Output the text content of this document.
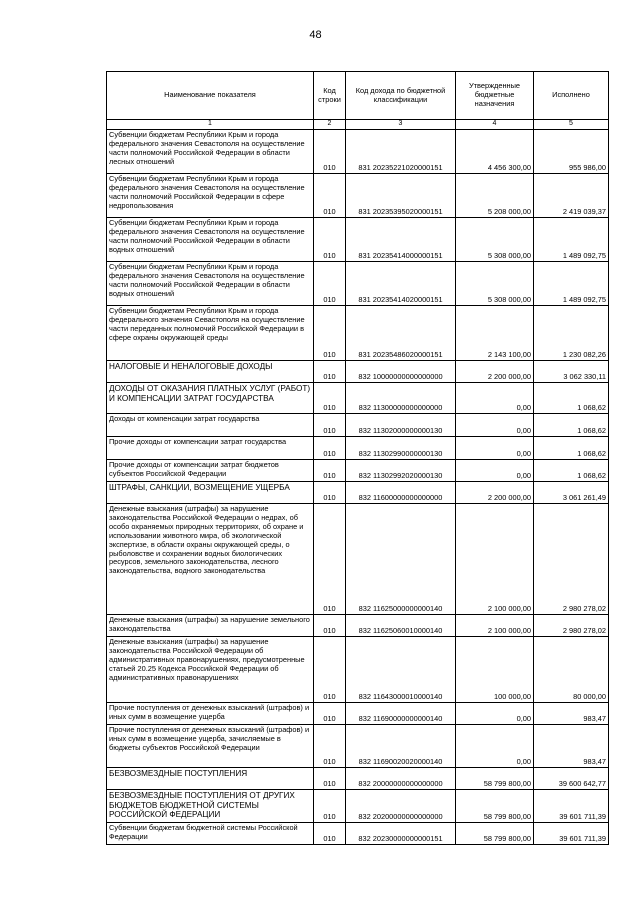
48
Наименование показателя	Код строки	Код дохода по бюджетной классификации	Утвержденные бюджетные назначения	Исполнено
1	2	3	4	5
Субвенции бюджетам Республики Крым и города федерального значения Севастополя на осуществление части полномочий Российской Федерации в области лесных отношений	010	831 20235221020000151	4 456 300,00	955 986,00
Субвенции бюджетам Республики Крым и города федерального значения Севастополя на осуществление части полномочий Российской Федерации в сфере недропользования	010	831 20235395020000151	5 208 000,00	2 419 039,37
Субвенции бюджетам Республики Крым и города федерального значения Севастополя на осуществление части полномочий Российской Федерации в области водных отношений	010	831 20235414000000151	5 308 000,00	1 489 092,75
Субвенции бюджетам Республики Крым и города федерального значения Севастополя на осуществление части полномочий Российской Федерации в области водных отношений	010	831 20235414020000151	5 308 000,00	1 489 092,75
Субвенции бюджетам Республики Крым и города федерального значения Севастополя на осуществление части переданных полномочий Российской Федерации в сфере охраны окружающей среды	010	831 20235486020000151	2 143 100,00	1 230 082,26
НАЛОГОВЫЕ И НЕНАЛОГОВЫЕ ДОХОДЫ	010	832 10000000000000000	2 200 000,00	3 062 330,11
ДОХОДЫ ОТ ОКАЗАНИЯ ПЛАТНЫХ УСЛУГ (РАБОТ) И КОМПЕНСАЦИИ ЗАТРАТ ГОСУДАРСТВА	010	832 11300000000000000	0,00	1 068,62
Доходы от компенсации затрат государства	010	832 11302000000000130	0,00	1 068,62
Прочие доходы от компенсации затрат государства	010	832 11302990000000130	0,00	1 068,62
Прочие доходы от компенсации затрат бюджетов субъектов Российской Федерации	010	832 11302992020000130	0,00	1 068,62
ШТРАФЫ, САНКЦИИ, ВОЗМЕЩЕНИЕ УЩЕРБА	010	832 11600000000000000	2 200 000,00	3 061 261,49
Денежные взыскания (штрафы) за нарушение законодательства Российской Федерации о недрах, об особо охраняемых природных территориях, об охране и использовании животного мира, об экологической экспертизе, в области охраны окружающей среды, о рыболовстве и сохранении водных биологических ресурсов, земельного законодательства, лесного законодательства, водного законодательства	010	832 11625000000000140	2 100 000,00	2 980 278,02
Денежные взыскания (штрафы) за нарушение земельного законодательства	010	832 11625060010000140	2 100 000,00	2 980 278,02
Денежные взыскания (штрафы) за нарушение законодательства Российской Федерации об административных правонарушениях, предусмотренные статьей 20.25 Кодекса Российской Федерации об административных правонарушениях	010	832 11643000010000140	100 000,00	80 000,00
Прочие поступления от денежных взысканий (штрафов) и иных сумм в возмещение ущерба	010	832 11690000000000140	0,00	983,47
Прочие поступления от денежных взысканий (штрафов) и иных сумм в возмещение ущерба, зачисляемые в бюджеты субъектов Российской Федерации	010	832 11690020020000140	0,00	983,47
БЕЗВОЗМЕЗДНЫЕ ПОСТУПЛЕНИЯ	010	832 20000000000000000	58 799 800,00	39 600 642,77
БЕЗВОЗМЕЗДНЫЕ ПОСТУПЛЕНИЯ ОТ ДРУГИХ БЮДЖЕТОВ БЮДЖЕТНОЙ СИСТЕМЫ РОССИЙСКОЙ ФЕДЕРАЦИИ	010	832 20200000000000000	58 799 800,00	39 601 711,39
Субвенции бюджетам бюджетной системы Российской Федерации	010	832 20230000000000151	58 799 800,00	39 601 711,39
